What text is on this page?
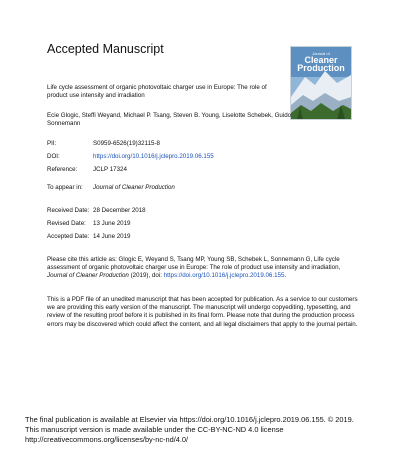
Accepted Manuscript	Journal of
Cleaner
Production
Life cycle assessment of organic photovoltaic charger use in Europe: The role of product use intensity and irradiation
Ecie Glogic, Steffi Weyand, Michael P. Tsang, Steven B. Young, Liselotte Schebek, Guido Sonnemann
PII:	S0959-6526(19)32115-8
DOI:	https://doi.org/10.1016/j.jclepro.2019.06.155
Reference:	JCLP 17324
To appear in: Journal of Cleaner Production
Received Date: 28 December 2018
Revised Date: 13 June 2019
Accepted Date: 14 June 2019
Please cite this article as: Glogic E, Weyand S, Tsang MP, Young SB, Schebek L, Sonnemann G, Life cycle assessment of organic photovoltaic charger use in Europe: The role of product use intensity and irradiation, Journal of Cleaner Production (2019), doi: https://doi.org/10.1016/j.jclepro.2019.06.155.
This is a PDF file of an unedited manuscript that has been accepted for publication. As a service to our customers we are providing this early version of the manuscript. The manuscript will undergo copyediting, typesetting, and review of the resulting proof before it is published in its final form. Please note that during the production process errors may be discovered which could affect the content, and all legal disclaimers that apply to the journal pertain.
The final publication is available at Elsevier via https://doi.org/10.1016/j.jclepro.2019.06.155. © 2019.
This manuscript version is made available under the CC-BY-NC-ND 4.0 license
http://creativecommons.org/licenses/by-nc-nd/4.0/
